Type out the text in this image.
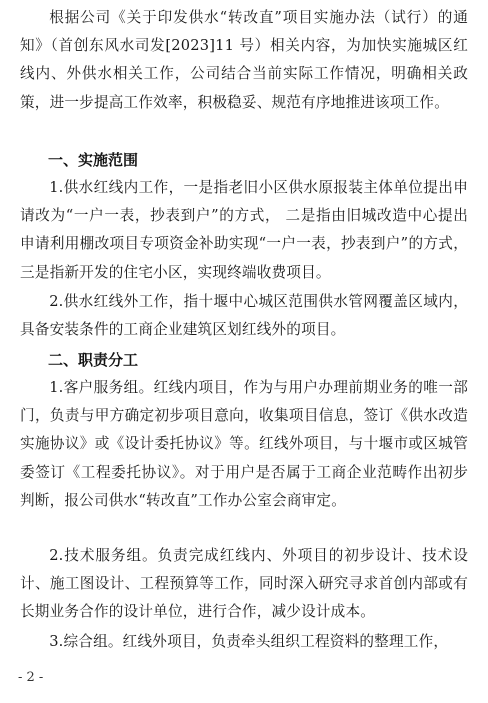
根据公司《关于印发供水“转改直”项目实施办法（试行）的通知》（首创东风水司发[2023]11 号）相关内容，为加快实施城区红线内、外供水相关工作，公司结合当前实际工作情况，明确相关政策，进一步提高工作效率，积极稳妥、规范有序地推进该项工作。
一、实施范围
1.供水红线内工作，一是指老旧小区供水原报装主体单位提出申请改为“一户一表，抄表到户”的方式， 二是指由旧城改造中心提出申请利用棚改项目专项资金补助实现“一户一表，抄表到户”的方式，三是指新开发的住宅小区，实现终端收费项目。
2.供水红线外工作，指十堰中心城区范围供水管网覆盖区域内，具备安装条件的工商企业建筑区划红线外的项目。
二、职责分工
1.客户服务组。红线内项目，作为与用户办理前期业务的唯一部门，负责与甲方确定初步项目意向，收集项目信息，签订《供水改造实施协议》或《设计委托协议》等。红线外项目，与十堰市或区城管委签订《工程委托协议》。对于用户是否属于工商企业范畴作出初步判断，报公司供水“转改直”工作办公室会商审定。
2.技术服务组。负责完成红线内、外项目的初步设计、技术设计、施工图设计、工程预算等工作，同时深入研究寻求首创内部或有长期业务合作的设计单位，进行合作，减少设计成本。
3.综合组。红线外项目，负责牵头组织工程资料的整理工作，
- 2 -
